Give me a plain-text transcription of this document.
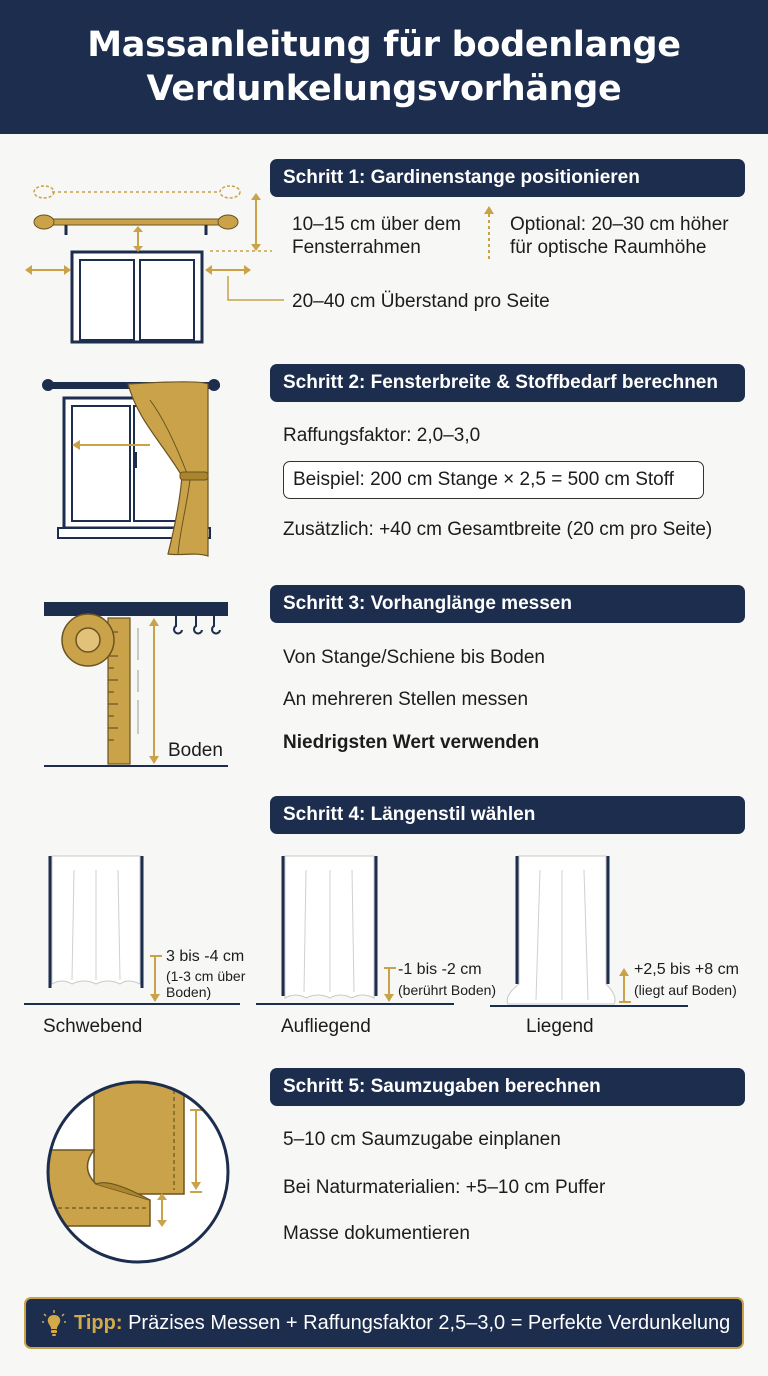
Massanleitung für bodenlange
Verdunkelungsvorhänge
Schritt 1: Gardinenstange positionieren
10–15 cm über dem
Fensterrahmen
Optional: 20–30 cm höher
für optische Raumhöhe
20–40 cm Überstand pro Seite
Schritt 2: Fensterbreite & Stoffbedarf berechnen
Raffungsfaktor: 2,0–3,0
Beispiel: 200 cm Stange × 2,5 = 500 cm Stoff
Zusätzlich: +40 cm Gesamtbreite (20 cm pro Seite)
Boden
Schritt 3: Vorhanglänge messen
Von Stange/Schiene bis Boden
An mehreren Stellen messen
Niedrigsten Wert verwenden
Schritt 4: Längenstil wählen
3 bis -4 cm
(1-3 cm über
Boden)
Schwebend
-1 bis -2 cm
(berührt Boden)
Aufliegend
+2,5 bis +8 cm
(liegt auf Boden)
Liegend
Schritt 5: Saumzugaben berechnen
5–10 cm Saumzugabe einplanen
Bei Naturmaterialien: +5–10 cm Puffer
Masse dokumentieren
Tipp: Präzises Messen + Raffungsfaktor 2,5–3,0 = Perfekte Verdunkelung
